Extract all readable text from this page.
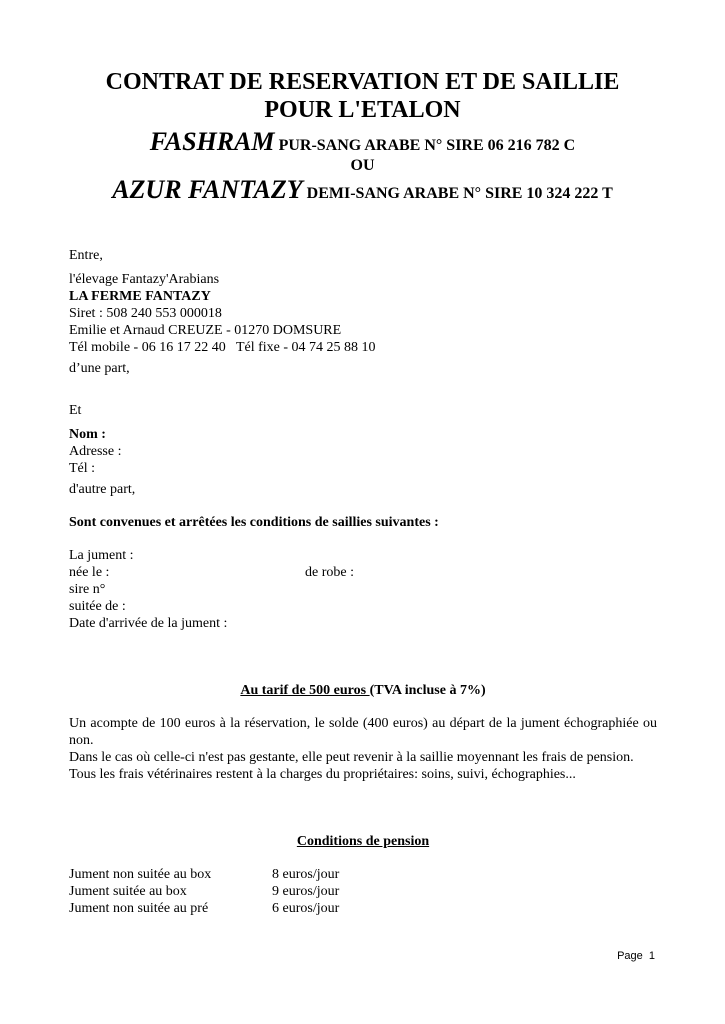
CONTRAT DE RESERVATION ET DE SAILLIE
POUR L'ETALON
FASHRAM PUR-SANG ARABE N° SIRE 06 216 782 C
OU
AZUR FANTAZY DEMI-SANG ARABE N° SIRE 10 324 222 T
Entre,
l'élevage Fantazy'Arabians
LA FERME FANTAZY
Siret : 508 240 553 000018
Emilie et Arnaud CREUZE - 01270 DOMSURE
Tél mobile - 06 16 17 22 40   Tél fixe - 04 74 25 88 10
d’une part,
Et
Nom :
Adresse :
Tél :
d'autre part,
Sont convenues et arrêtées les conditions de saillies suivantes :
La jument :
née le :	de robe :
sire n°
suitée de :
Date d'arrivée de la jument :
Au tarif de 500 euros (TVA incluse à 7%)
Un acompte de 100 euros à la réservation, le solde (400 euros) au départ de la jument échographiée ou non.
Dans le cas où celle-ci n'est pas gestante, elle peut revenir à la saillie moyennant les frais de pension.
Tous les frais vétérinaires restent à la charges du propriétaires: soins, suivi, échographies...
Conditions de pension
Jument non suitée au box	8 euros/jour
Jument suitée au box	9 euros/jour
Jument non suitée au pré	6 euros/jour
Page  1
